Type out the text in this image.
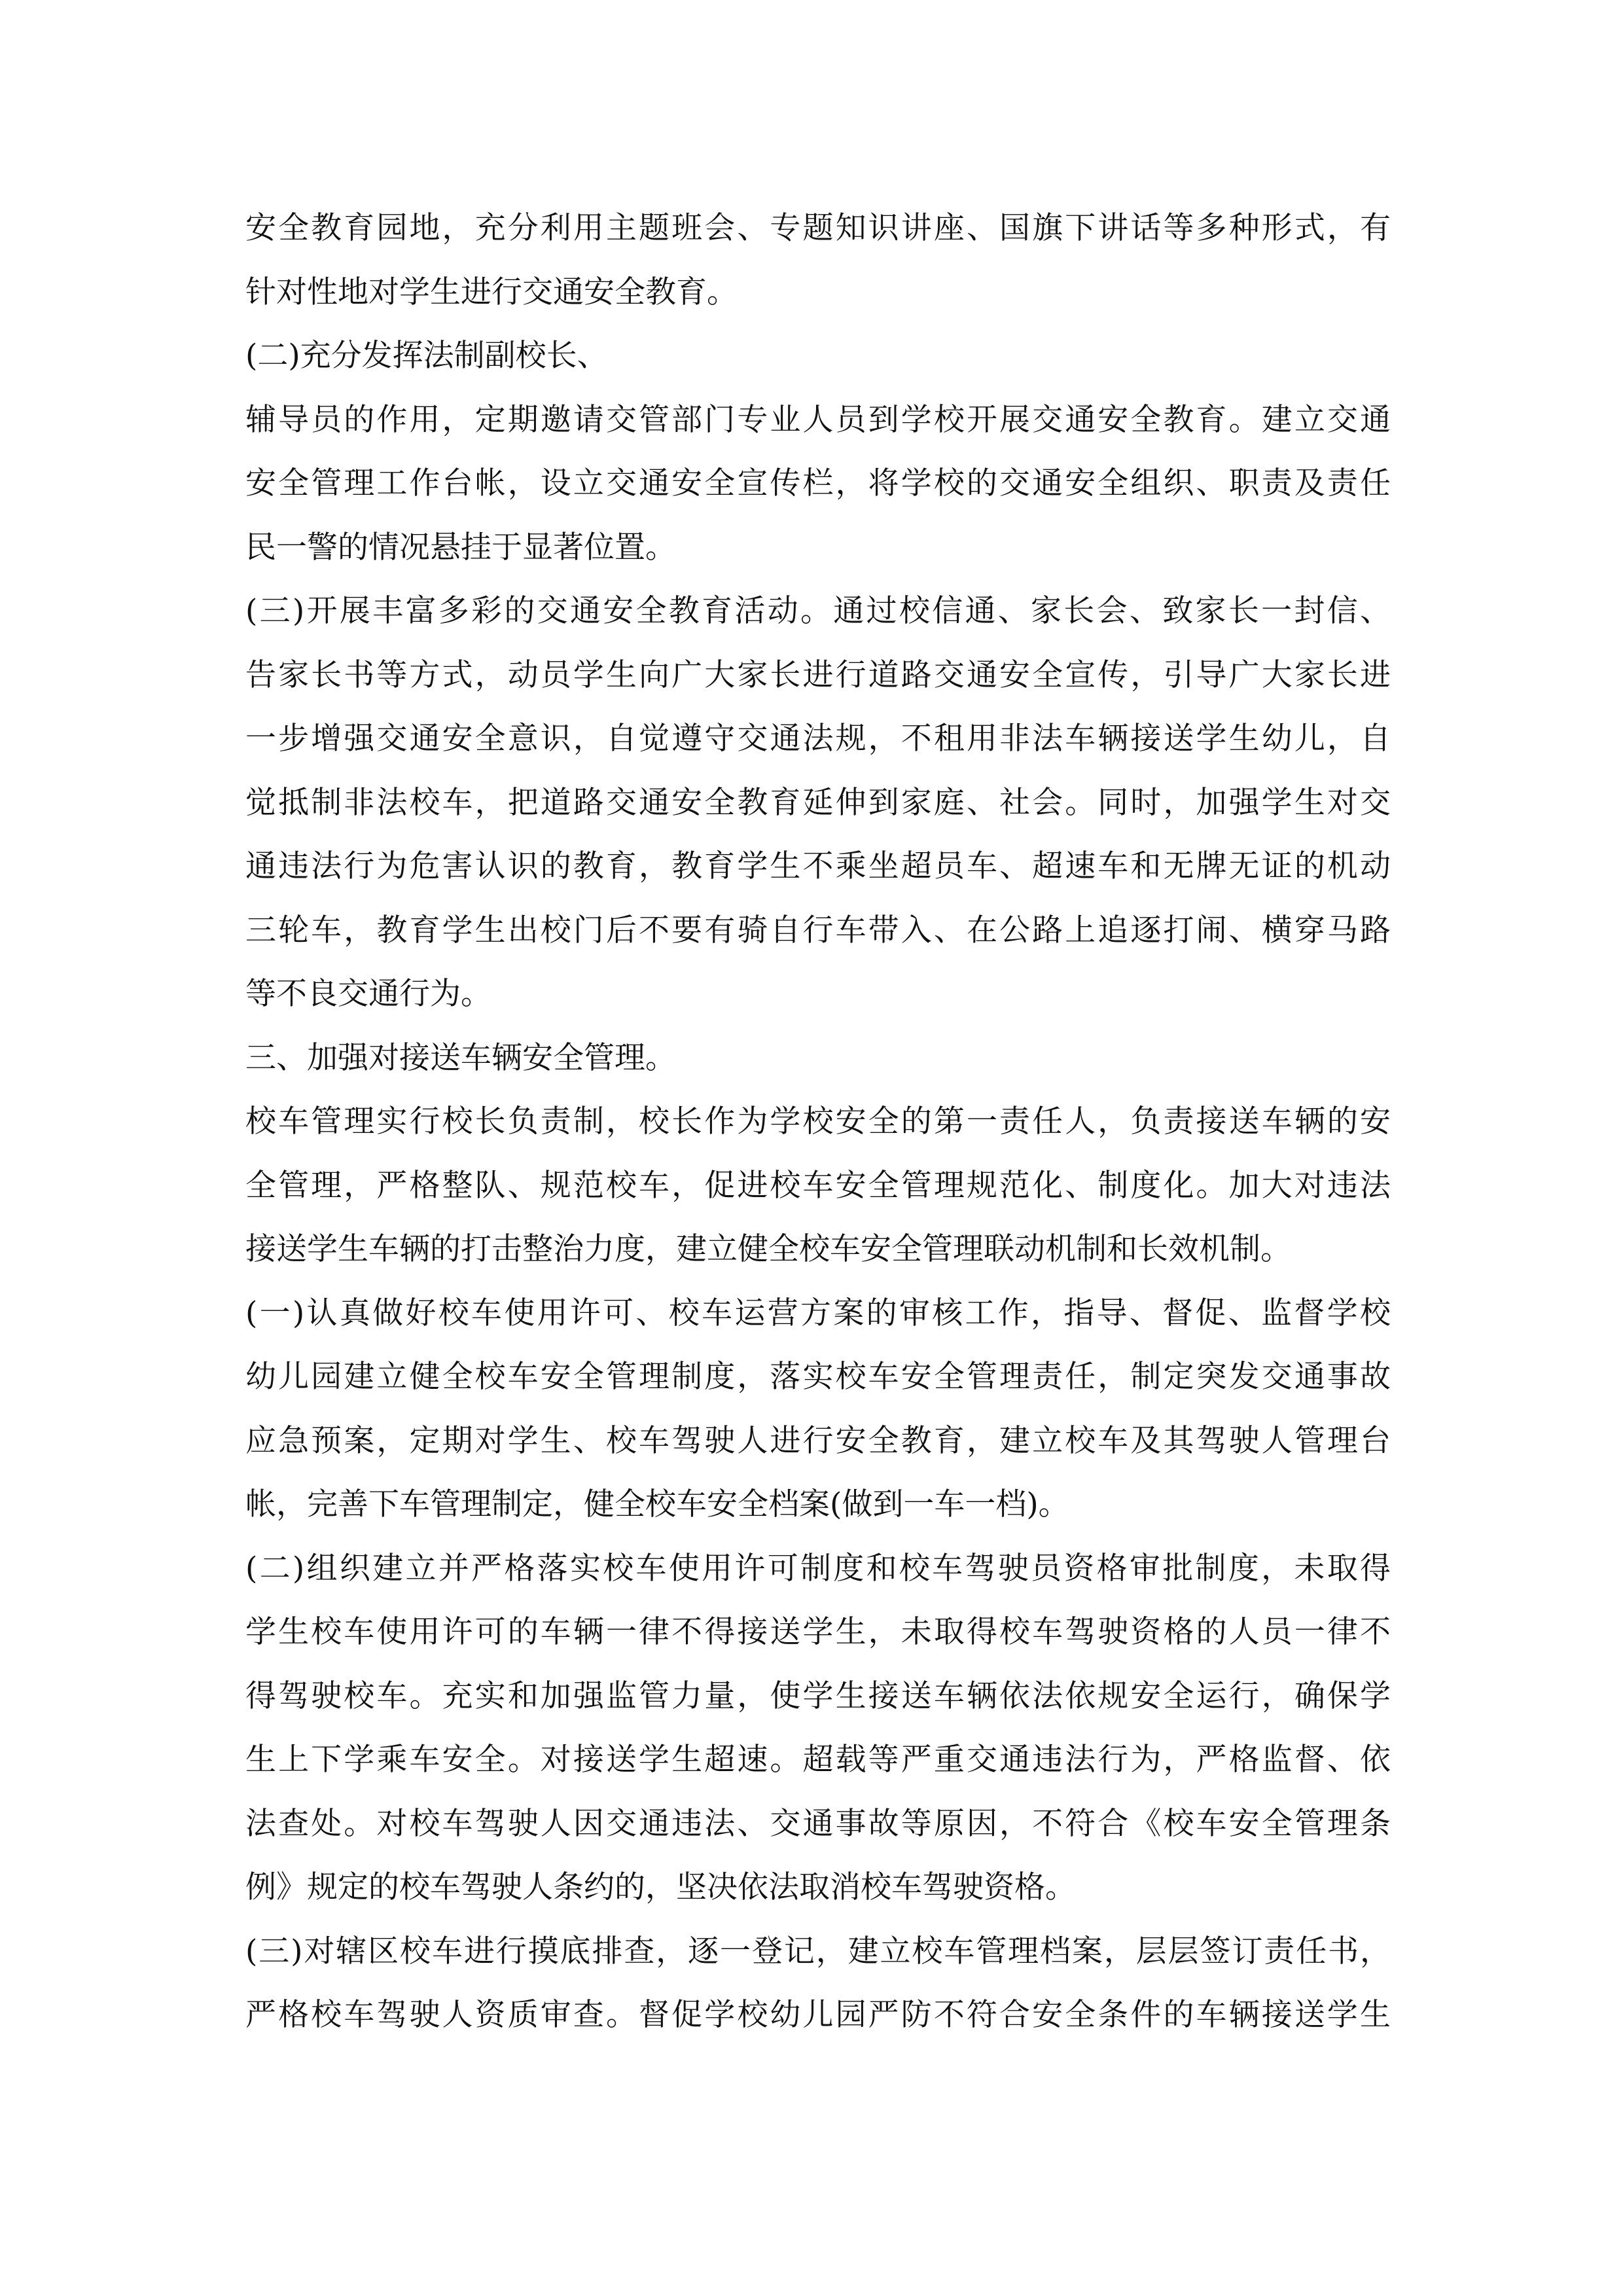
安全教育园地，充分利用主题班会、专题知识讲座、国旗下讲话等多种形式，有
针对性地对学生进行交通安全教育。
(二)充分发挥法制副校长、
辅导员的作用，定期邀请交管部门专业人员到学校开展交通安全教育。建立交通
安全管理工作台帐，设立交通安全宣传栏，将学校的交通安全组织、职责及责任
民一警的情况悬挂于显著位置。
(三)开展丰富多彩的交通安全教育活动。通过校信通、家长会、致家长一封信、
告家长书等方式，动员学生向广大家长进行道路交通安全宣传，引导广大家长进
一步增强交通安全意识，自觉遵守交通法规，不租用非法车辆接送学生幼儿，自
觉抵制非法校车，把道路交通安全教育延伸到家庭、社会。同时，加强学生对交
通违法行为危害认识的教育，教育学生不乘坐超员车、超速车和无牌无证的机动
三轮车，教育学生出校门后不要有骑自行车带入、在公路上追逐打闹、横穿马路
等不良交通行为。
三、加强对接送车辆安全管理。
校车管理实行校长负责制，校长作为学校安全的第一责任人，负责接送车辆的安
全管理，严格整队、规范校车，促进校车安全管理规范化、制度化。加大对违法
接送学生车辆的打击整治力度，建立健全校车安全管理联动机制和长效机制。
(一)认真做好校车使用许可、校车运营方案的审核工作，指导、督促、监督学校
幼儿园建立健全校车安全管理制度，落实校车安全管理责任，制定突发交通事故
应急预案，定期对学生、校车驾驶人进行安全教育，建立校车及其驾驶人管理台
帐，完善下车管理制定，健全校车安全档案(做到一车一档)。
(二)组织建立并严格落实校车使用许可制度和校车驾驶员资格审批制度，未取得
学生校车使用许可的车辆一律不得接送学生，未取得校车驾驶资格的人员一律不
得驾驶校车。充实和加强监管力量，使学生接送车辆依法依规安全运行，确保学
生上下学乘车安全。对接送学生超速。超载等严重交通违法行为，严格监督、依
法查处。对校车驾驶人因交通违法、交通事故等原因，不符合《校车安全管理条
例》规定的校车驾驶人条约的，坚决依法取消校车驾驶资格。
(三)对辖区校车进行摸底排查，逐一登记，建立校车管理档案，层层签订责任书，
严格校车驾驶人资质审查。督促学校幼儿园严防不符合安全条件的车辆接送学生
